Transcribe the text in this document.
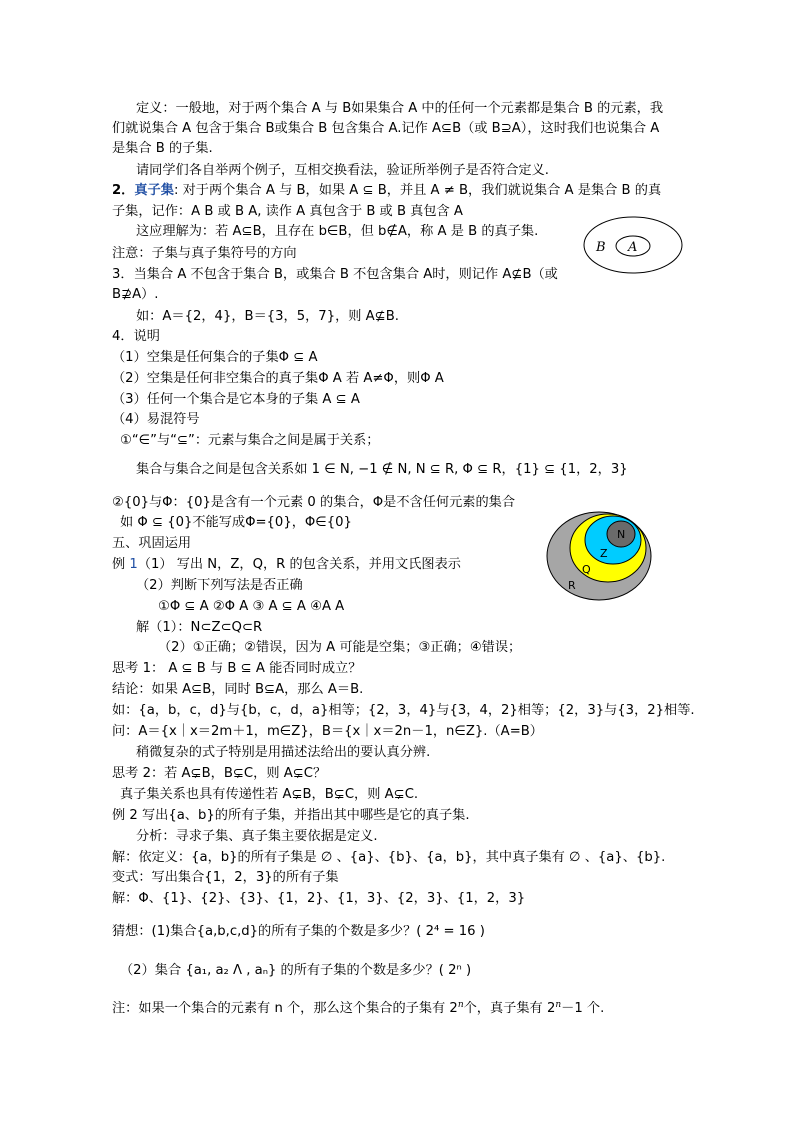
定义：一般地，对于两个集合 A 与 B如果集合 A 中的任何一个元素都是集合 B 的元素，我
们就说集合 A 包含于集合 B或集合 B 包含集合 A.记作 A⊆B（或 B⊇A），这时我们也说集合 A
是集合 B 的子集.
请同学们各自举两个例子，互相交换看法，验证所举例子是否符合定义.
2．真子集: 对于两个集合 A 与 B，如果 A ⊆ B，并且 A ≠ B，我们就说集合 A 是集合 B 的真
子集，记作：A B 或 B A, 读作 A 真包含于 B 或 B 真包含 A
这应理解为：若 A⊆B，且存在 b∈B，但 b∉A，称 A 是 B 的真子集.
注意：子集与真子集符号的方向
3．当集合 A 不包含于集合 B，或集合 B 不包含集合 A时，则记作 A⊈B（或
B⊉A）.
如：A＝{2，4}，B＝{3，5，7}，则 A⊈B.
4．说明
（1）空集是任何集合的子集Φ ⊆ A
（2）空集是任何非空集合的真子集Φ A 若 A≠Φ，则Φ A
（3）任何一个集合是它本身的子集 A ⊆ A
（4）易混符号
①“∈”与“⊆”：元素与集合之间是属于关系；
集合与集合之间是包含关系如 1 ∈ N, −1 ∉ N, N ⊆ R, Φ ⊆ R，{1} ⊆ {1，2，3}
②{0}与Φ：{0}是含有一个元素 0 的集合，Φ是不含任何元素的集合
如 Φ ⊆ {0}不能写成Φ={0}，Φ∈{0}
五、巩固运用
例 1（1） 写出 N，Z，Q，R 的包含关系，并用文氏图表示
（2）判断下列写法是否正确
①Φ ⊆ A ②Φ A ③ A ⊆ A ④A A
解（1）：N⊂Z⊂Q⊂R
（2）①正确；②错误，因为 A 可能是空集；③正确；④错误；
思考 1： A ⊆ B 与 B ⊆ A 能否同时成立？
结论：如果 A⊆B，同时 B⊆A，那么 A＝B.
如：{a，b，c，d}与{b，c，d，a}相等；{2，3，4}与{3，4，2}相等；{2，3}与{3，2}相等.
问：A＝{x｜x＝2m＋1，m∈Z}，B＝{x｜x＝2n－1，n∈Z}.（A=B）
稍微复杂的式子特别是用描述法给出的要认真分辨.
思考 2：若 A⊊B，B⊊C，则 A⊊C？
真子集关系也具有传递性若 A⊊B，B⊊C，则 A⊊C.
例 2 写出{a、b}的所有子集，并指出其中哪些是它的真子集.
分析：寻求子集、真子集主要依据是定义.
解：依定义：{a，b}的所有子集是 ∅ 、{a}、{b}、{a，b}，其中真子集有 ∅ 、{a}、{b}.
变式：写出集合{1，2，3}的所有子集
解：Φ、{1}、{2}、{3}、{1，2}、{1，3}、{2，3}、{1，2，3}
猜想：(1)集合{a,b,c,d}的所有子集的个数是多少？( 2⁴ = 16 )
（2）集合 {a₁, a₂ Λ , aₙ} 的所有子集的个数是多少？( 2ⁿ )
注：如果一个集合的元素有 n 个，那么这个集合的子集有 2$^n$个，真子集有 $2^n-1$ 个.
B A
N
Z
Q
R
